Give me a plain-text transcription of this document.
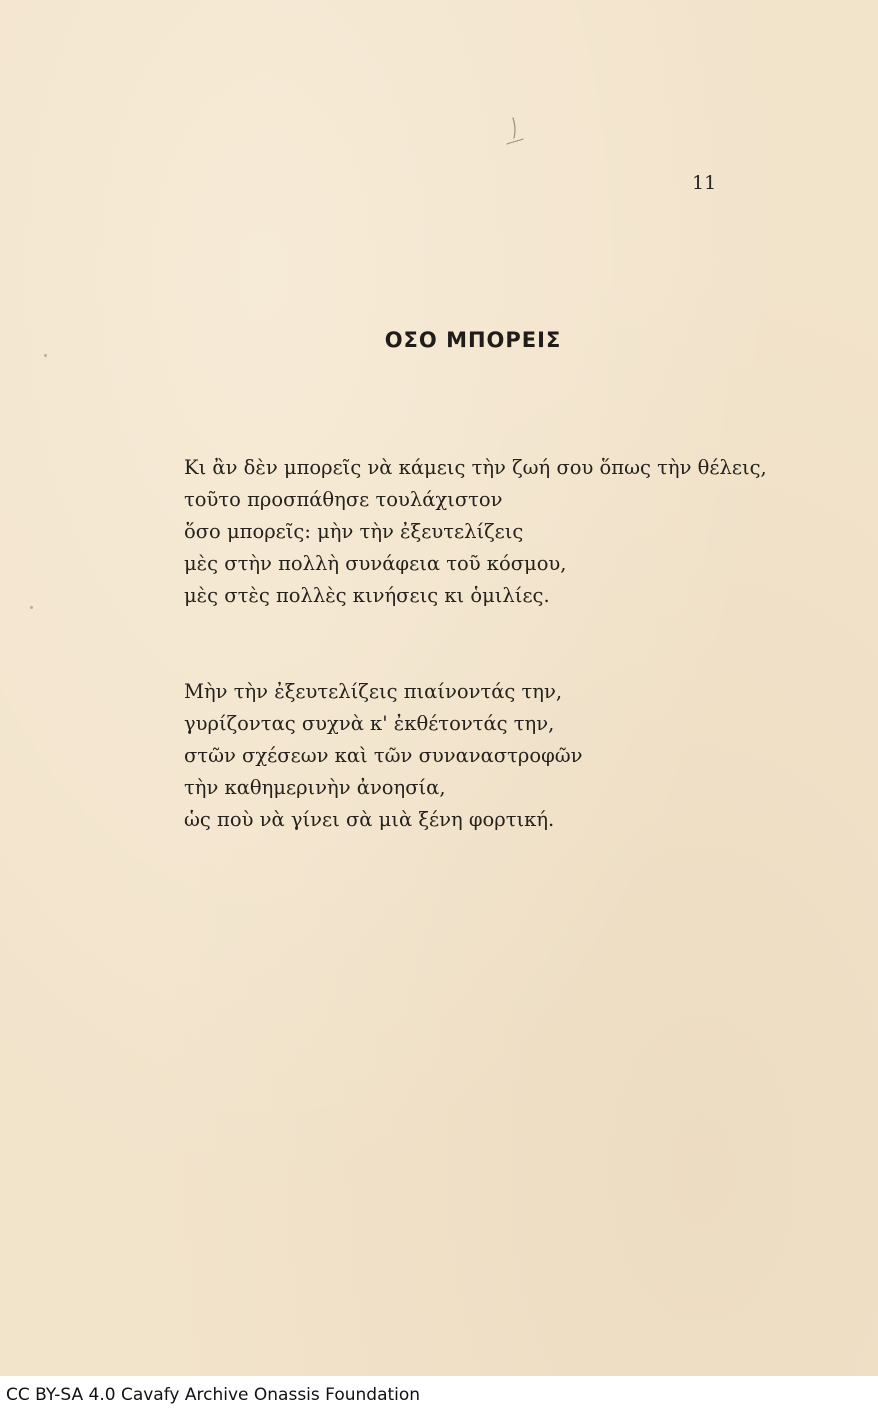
11
ΟΣΟ ΜΠΟΡΕΙΣ
Κι ἂν δὲν μπορεῖς νὰ κάμεις τὴν ζωή σου ὅπως τὴν θέλεις,
τοῦτο προσπάθησε τουλάχιστον
ὅσο μπορεῖς: μὴν τὴν ἐξευτελίζεις
μὲς στὴν πολλὴ συνάφεια τοῦ κόσμου,
μὲς στὲς πολλὲς κινήσεις κι ὁμιλίες.
Μὴν τὴν ἐξευτελίζεις πιαίνοντάς την,
γυρίζοντας συχνὰ κ' ἐκθέτοντάς την,
στῶν σχέσεων καὶ τῶν συναναστροφῶν
τὴν καθημερινὴν ἀνοησία,
ὡς ποὺ νὰ γίνει σὰ μιὰ ξένη φορτική.
CC BY-SA 4.0 Cavafy Archive Onassis Foundation
